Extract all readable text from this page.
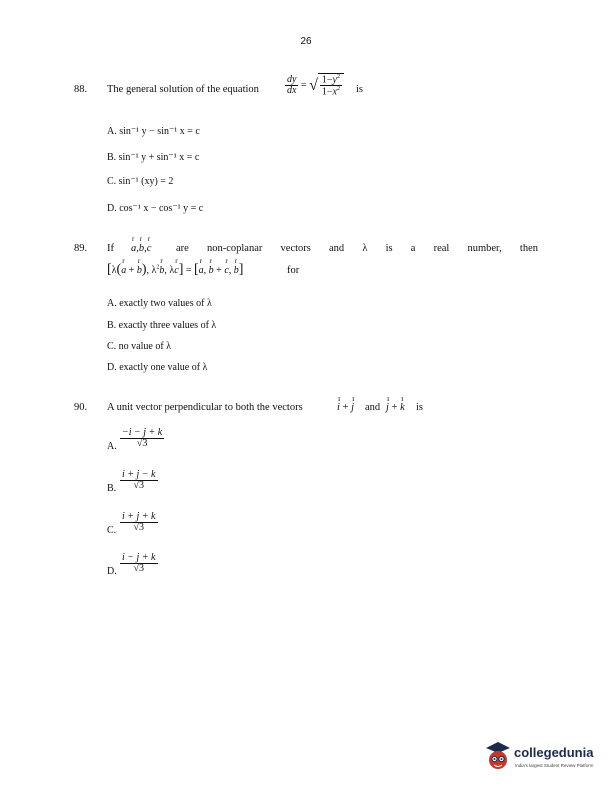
26
88. The general solution of the equation	$\frac{dy}{dx}$ = √ $\frac{1-y^2}{1-x^2}$ is
A. sin⁻¹ y − sin⁻¹ x = c
B. sin⁻¹ y + sin⁻¹ x = c
C. sin⁻¹ (xy) = 2
D. cos⁻¹ x − cos⁻¹ y = c
89. If r a,r b,r c are non-coplanar vectors and λ is a real number, then
[λ(r a + r b), $\lambda^2r$ b, λr c] = [r a, r b + r c, r b]	for
A. exactly two values of λ
B. exactly three values of λ
C. no value of λ
D. exactly one value of λ
90. A unit vector perpendicular to both the vectors	ı i + ı j and ı j + ı k is
A. $\frac{-i - j + k}{√3}$
B. $\frac{i + j - k}{√3}$
C. $\frac{i + j + k}{√3}$
D. $\frac{i - j + k}{√3}$
collegedunia
India's largest Student Review Platform
